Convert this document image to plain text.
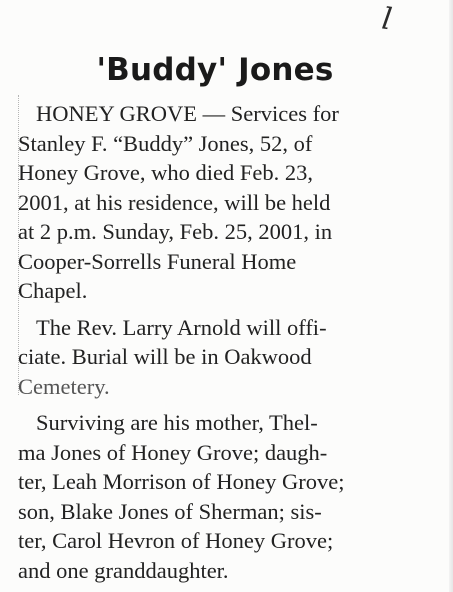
l
'Buddy' Jones

HONEY GROVE — Services for
Stanley F. “Buddy” Jones, 52, of
Honey Grove, who died Feb. 23,
2001, at his residence, will be held
at 2 p.m. Sunday, Feb. 25, 2001, in
Cooper-Sorrells Funeral Home
Chapel.

The Rev. Larry Arnold will offi-
ciate. Burial will be in Oakwood
Cemetery.

Surviving are his mother, Thel-
ma Jones of Honey Grove; daugh-
ter, Leah Morrison of Honey Grove;
son, Blake Jones of Sherman; sis-
ter, Carol Hevron of Honey Grove;
and one granddaughter.
